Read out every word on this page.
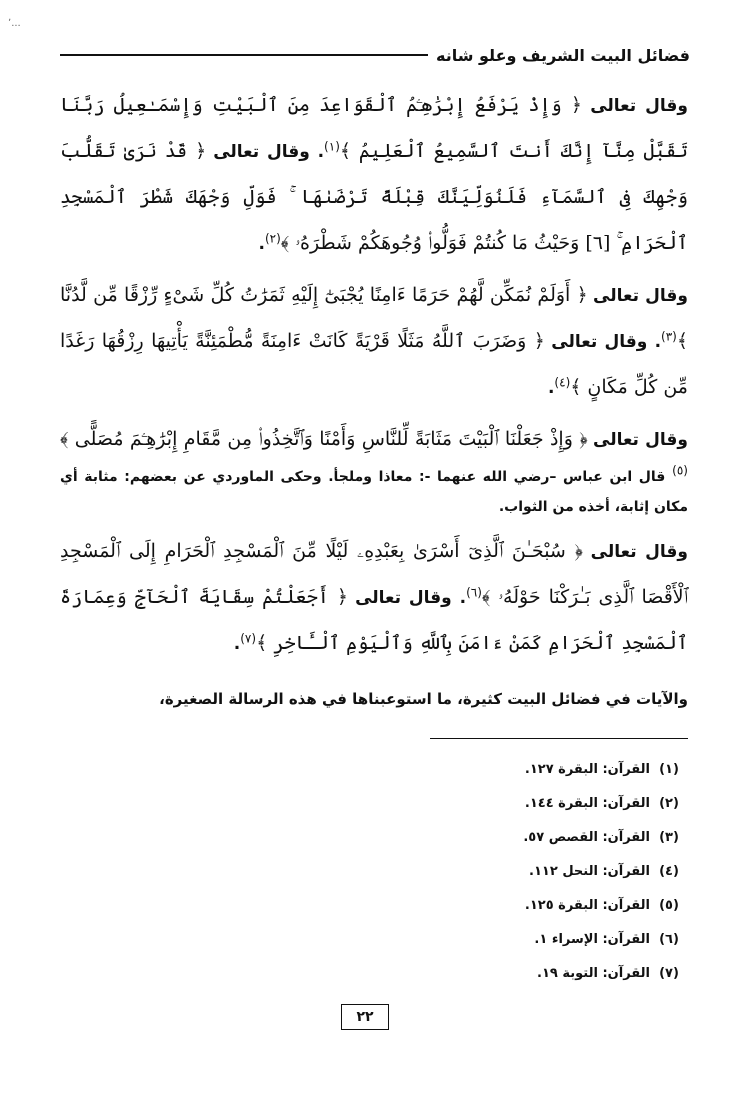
٬...
فضائل البيت الشريف وعلو شانه

وقال تعالى ﴿ وَإِذْ يَرْفَعُ إِبْرَٰهِـۧمُ ٱلْقَوَاعِدَ مِنَ ٱلْبَيْتِ وَإِسْمَـٰعِيلُ رَبَّنَا تَقَبَّلْ مِنَّآ إِنَّكَ أَنتَ ٱلسَّمِيعُ ٱلْعَلِيمُ ﴾$^{(١)}$. وقال تعالى ﴿ قَدْ نَرَىٰ تَقَلُّبَ وَجْهِكَ فِى ٱلسَّمَآءِ فَلَنُوَلِّيَنَّكَ قِبْلَةً تَرْضَىٰهَا ۚ فَوَلِّ وَجْهَكَ شَطْرَ ٱلْمَسْجِدِ ٱلْحَرَامِ ۚ [٦] وَحَيْثُ مَا كُنتُمْ فَوَلُّوا۟ وُجُوهَكُمْ شَطْرَهُۥ ﴾$^{(٢)}$.

وقال تعالى ﴿ أَوَلَمْ نُمَكِّن لَّهُمْ حَرَمًا ءَامِنًا يُجْبَىٰٓ إِلَيْهِ ثَمَرَٰتُ كُلِّ شَىْءٍ رِّزْقًا مِّن لَّدُنَّا ﴾$^{(٣)}$. وقال تعالى ﴿ وَضَرَبَ ٱللَّهُ مَثَلًا قَرْيَةً كَانَتْ ءَامِنَةً مُّطْمَئِنَّةً يَأْتِيهَا رِزْقُهَا رَغَدًا مِّن كُلِّ مَكَانٍ ﴾$^{(٤)}$.

وقال تعالى ﴿ وَإِذْ جَعَلْنَا ٱلْبَيْتَ مَثَابَةً لِّلنَّاسِ وَأَمْنًا وَٱتَّخِذُوا۟ مِن مَّقَامِ إِبْرَٰهِـۧمَ مُصَلًّى ﴾$^{(٥)}$ قال ابن عباس –رضي الله عنهما -: معاذا وملجأ. وحكى الماوردي عن بعضهم: مثابة أي مكان إثابة، أخذه من الثواب.

وقال تعالى ﴿ سُبْحَـٰنَ ٱلَّذِىٓ أَسْرَىٰ بِعَبْدِهِۦ لَيْلًا مِّنَ ٱلْمَسْجِدِ ٱلْحَرَامِ إِلَى ٱلْمَسْجِدِ ٱلْأَقْصَا ٱلَّذِى بَـٰرَكْنَا حَوْلَهُۥ ﴾$^{(٦)}$. وقال تعالى ﴿ أَجَعَلْتُمْ سِقَايَةَ ٱلْحَآجِّ وَعِمَارَةَ ٱلْمَسْجِدِ ٱلْحَرَامِ كَمَنْ ءَامَنَ بِٱللَّهِ وَٱلْيَوْمِ ٱلْـَٔاخِرِ ﴾$^{(٧)}$.

والآيات في فضائل البيت كثيرة، ما استوعبناها في هذه الرسالة الصغيرة،
(١)
القرآن: البقرة ١٢٧.
(٢)
القرآن: البقرة ١٤٤.
(٣)
القرآن: القصص ٥٧.
(٤)
القرآن: النحل ١١٢.
(٥)
القرآن: البقرة ١٢٥.
(٦)
القرآن: الإسراء ١.
(٧)
القرآن: التوبة ١٩.
٢٢
